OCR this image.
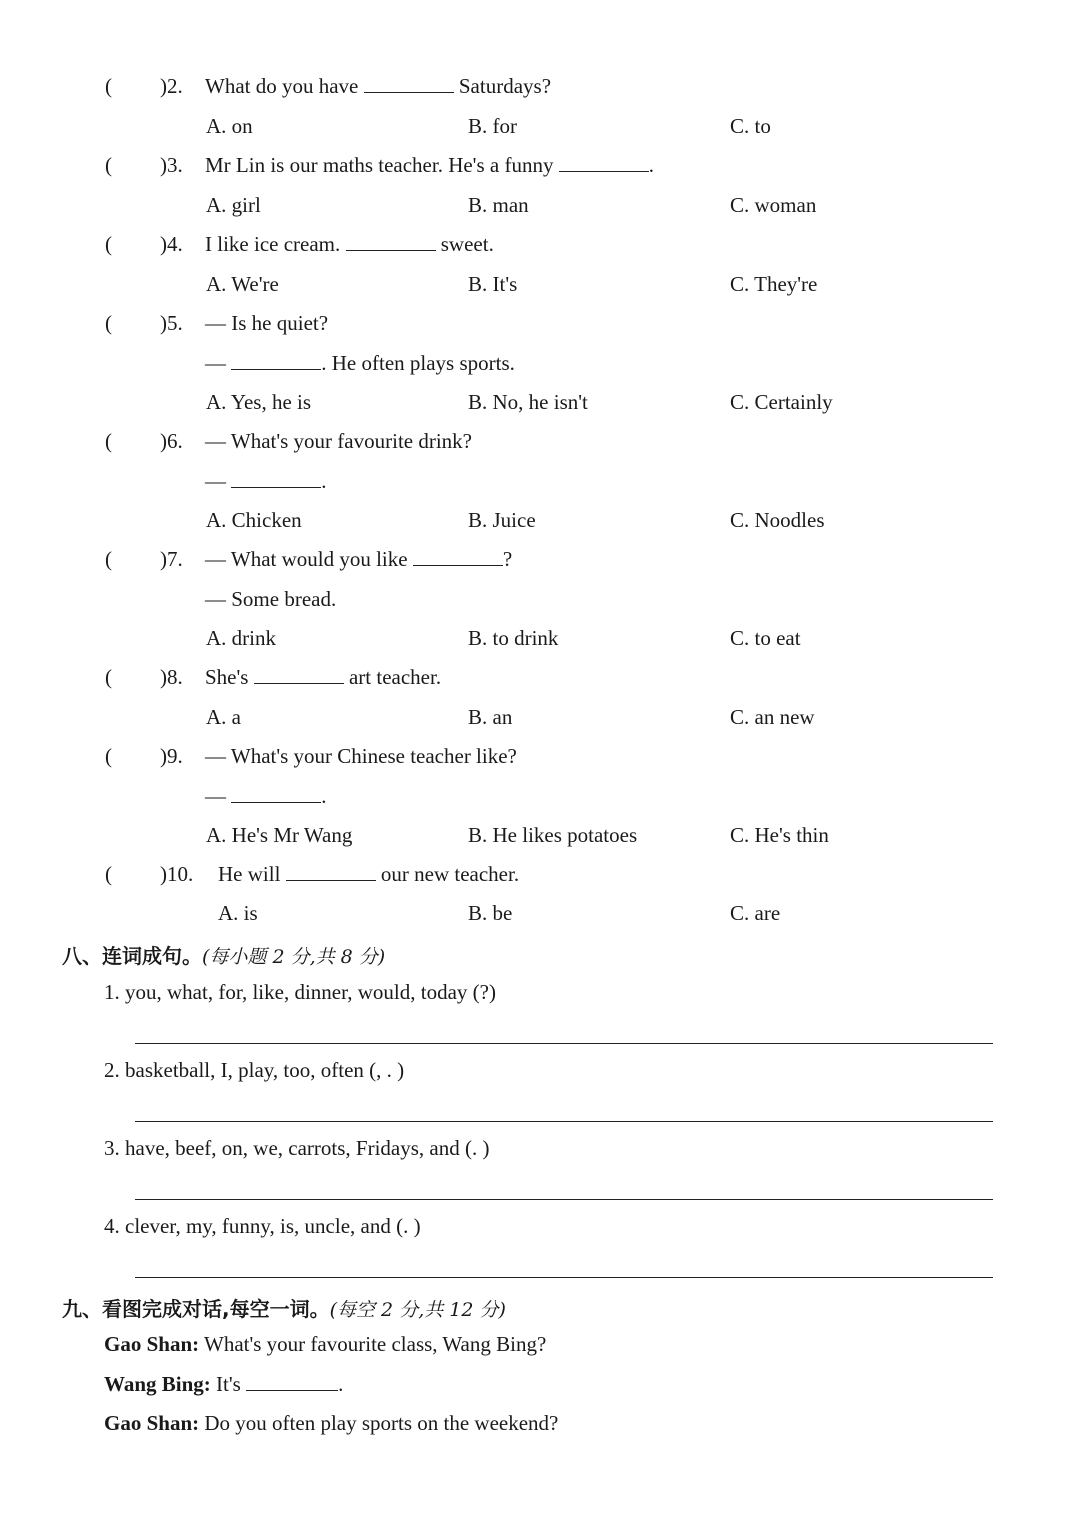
( )2. What do you have	Saturdays?
A. on	B. for	C. to
( )3. Mr Lin is our maths teacher. He's a funny	.
A. girl	B. man	C. woman
( )4. I like ice cream.	sweet.
A. We're	B. It's	C. They're
( )5. — Is he quiet?
—	. He often plays sports.
A. Yes, he is	B. No, he isn't	C. Certainly
( )6. — What's your favourite drink?
—	.
A. Chicken	B. Juice	C. Noodles
( )7. — What would you like	?
— Some bread.
A. drink	B. to drink	C. to eat
( )8. She's	art teacher.
A. a	B. an	C. an new
( )9. — What's your Chinese teacher like?
—	.
A. He's Mr Wang	B. He likes potatoes	C. He's thin
( )10. He will	our new teacher.
A. is	B. be	C. are
八、连词成句。(每小题 2 分,共 8 分)
1. you, what, for, like, dinner, would, today (?)
2. basketball, I, play, too, often (, . )
3. have, beef, on, we, carrots, Fridays, and (. )
4. clever, my, funny, is, uncle, and (. )
九、看图完成对话,每空一词。(每空 2 分,共 12 分)
Gao Shan: What's your favourite class, Wang Bing?
Wang Bing: It's	.
Gao Shan: Do you often play sports on the weekend?
